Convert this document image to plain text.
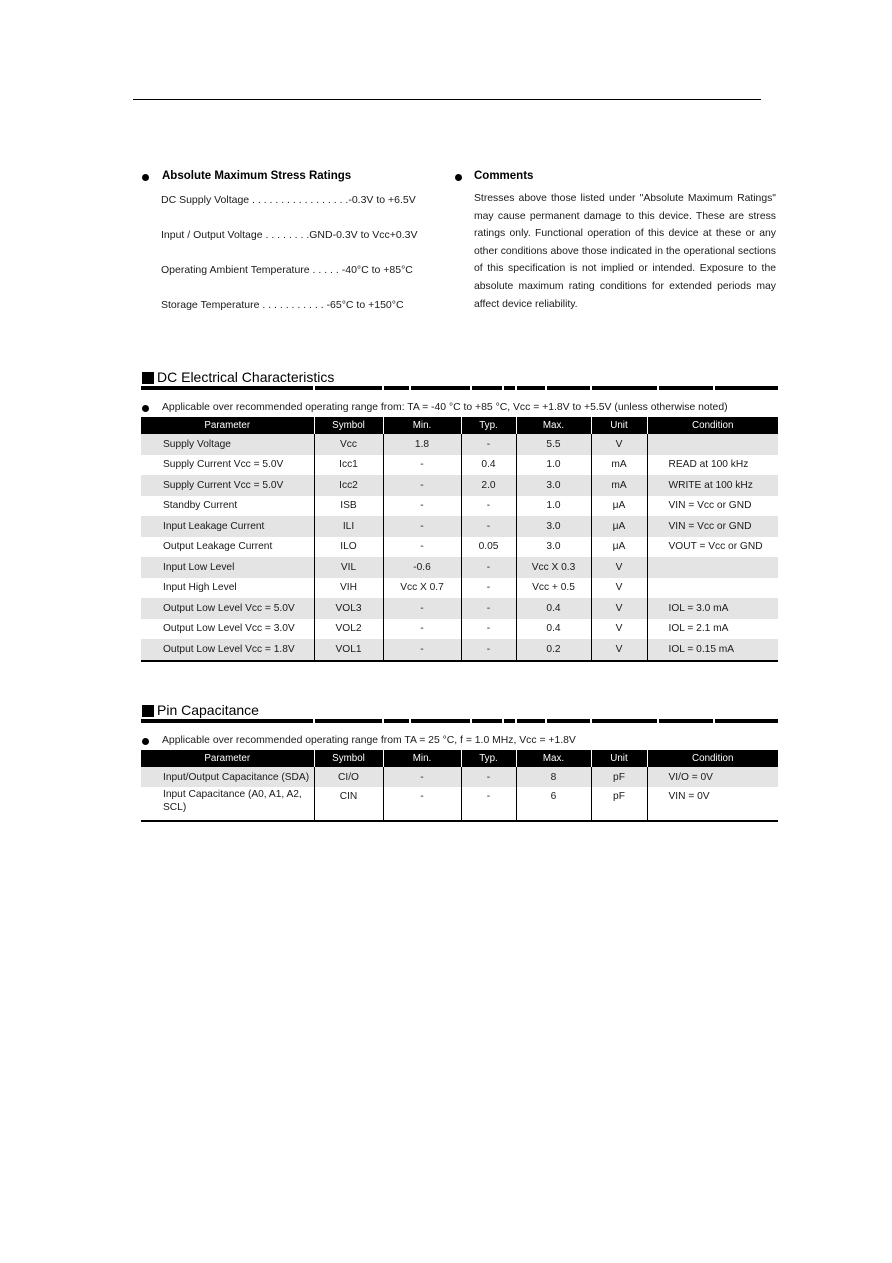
Absolute Maximum Stress Ratings
DC Supply Voltage . . . . . . . . . . . . . . . . .-0.3V to +6.5V
Input / Output Voltage . . . . . . . .GND-0.3V to Vcc+0.3V
Operating Ambient Temperature . . . . . -40°C to +85°C
Storage Temperature . . . . . . . . . . . -65°C to +150°C
Comments
Stresses above those listed under "Absolute Maximum Ratings" may cause permanent damage to this device. These are stress ratings only. Functional operation of this device at these or any other conditions above those indicated in the operational sections of this specification is not implied or intended. Exposure to the absolute maximum rating conditions for extended periods may affect device reliability.
DC Electrical Characteristics
Applicable over recommended operating range from: TA = -40 °C to +85 °C, Vcc = +1.8V to +5.5V (unless otherwise noted)
Parameter	Symbol	Min.	Typ.	Max.	Unit	Condition
Supply Voltage	Vcc	1.8	-	5.5	V	
Supply Current Vcc = 5.0V	Icc1	-	0.4	1.0	mA	READ at 100 kHz
Supply Current Vcc = 5.0V	Icc2	-	2.0	3.0	mA	WRITE at 100 kHz
Standby Current	ISB	-	-	1.0	μA	VIN = Vcc or GND
Input Leakage Current	ILI	-	-	3.0	μA	VIN = Vcc or GND
Output Leakage Current	ILO	-	0.05	3.0	μA	VOUT = Vcc or GND
Input Low Level	VIL	-0.6	-	Vcc X 0.3	V	
Input High Level	VIH	Vcc X 0.7	-	Vcc + 0.5	V	
Output Low Level Vcc = 5.0V	VOL3	-	-	0.4	V	IOL = 3.0 mA
Output Low Level Vcc = 3.0V	VOL2	-	-	0.4	V	IOL = 2.1 mA
Output Low Level Vcc = 1.8V	VOL1	-	-	0.2	V	IOL = 0.15 mA
Pin Capacitance
Applicable over recommended operating range from TA = 25 °C, f = 1.0 MHz, Vcc = +1.8V
Parameter	Symbol	Min.	Typ.	Max.	Unit	Condition
Input/Output Capacitance (SDA)	CI/O	-	-	8	pF	VI/O = 0V
Input Capacitance (A0, A1, A2, SCL)	CIN	-	-	6	pF	VIN = 0V
